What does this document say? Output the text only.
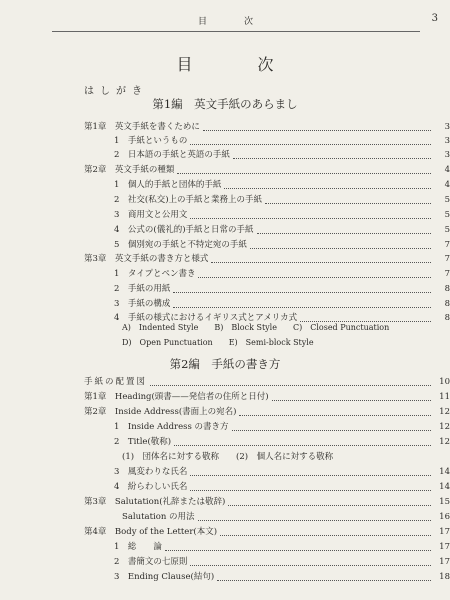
目　次	3
目 次
はしがき
第1編　英文手紙のあらまし
第1章　英文手紙を書くために	3
1　手紙というもの	3
2　日本語の手紙と英語の手紙	3
第2章　英文手紙の種類	4
1　個人的手紙と団体的手紙	4
2　社交(私交)上の手紙と業務上の手紙	5
3　商用文と公用文	5
4　公式の(儀礼的)手紙と日常の手紙	5
5　個別宛の手紙と不特定宛の手紙	7
第3章　英文手紙の書き方と様式	7
1　タイプとペン書き	7
2　手紙の用紙	8
3　手紙の構成	8
4　手紙の様式におけるイギリス式とアメリカ式	8
A)　Indented Style　　B)　Block Style　　C)　Closed Punctuation
D)　Open Punctuation　　E)　Semi-block Style
第2編　手紙の書き方
手紙の配置図	10
第1章　Heading(頭書——発信者の住所と日付)	11
第2章　Inside Address(書面上の宛名)	12
1　Inside Address の書き方	12
2　Title(敬称)	12
(1)　団体名に対する敬称　　(2)　個人名に対する敬称
3　風変わりな氏名	14
4　紛らわしい氏名	14
第3章　Salutation(礼辞または敬辞)	15
Salutation の用法	16
第4章　Body of the Letter(本文)	17
1　総　　論	17
2　書簡文の七原則	17
3　Ending Clause(結句)	18
